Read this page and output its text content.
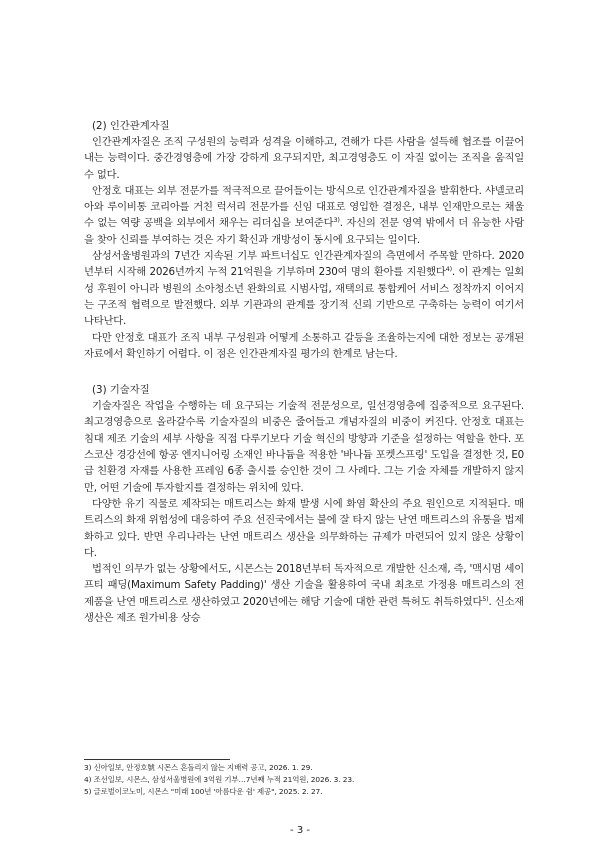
(2) 인간관계자질

인간관계자질은 조직 구성원의 능력과 성격을 이해하고, 견해가 다른 사람을 설득해 협조를 이끌어내는 능력이다. 중간경영층에 가장 강하게 요구되지만, 최고경영층도 이 자질 없이는 조직을 움직일 수 없다.

안정호 대표는 외부 전문가를 적극적으로 끌어들이는 방식으로 인간관계자질을 발휘한다. 샤넬코리아와 루이비통 코리아를 거친 럭셔리 전문가를 신임 대표로 영입한 결정은, 내부 인재만으로는 채울 수 없는 역량 공백을 외부에서 채우는 리더십을 보여준다$^{3)}$. 자신의 전문 영역 밖에서 더 유능한 사람을 찾아 신뢰를 부여하는 것은 자기 확신과 개방성이 동시에 요구되는 일이다.

삼성서울병원과의 7년간 지속된 기부 파트너십도 인간관계자질의 측면에서 주목할 만하다. 2020년부터 시작해 2026년까지 누적 21억원을 기부하며 230여 명의 환아를 지원했다$^{4)}$. 이 관계는 일회성 후원이 아니라 병원의 소아청소년 완화의료 시범사업, 재택의료 통합케어 서비스 정착까지 이어지는 구조적 협력으로 발전했다. 외부 기관과의 관계를 장기적 신뢰 기반으로 구축하는 능력이 여기서 나타난다.

다만 안정호 대표가 조직 내부 구성원과 어떻게 소통하고 갈등을 조율하는지에 대한 정보는 공개된 자료에서 확인하기 어렵다. 이 점은 인간관계자질 평가의 한계로 남는다.

(3) 기술자질

기술자질은 작업을 수행하는 데 요구되는 기술적 전문성으로, 일선경영층에 집중적으로 요구된다. 최고경영층으로 올라갈수록 기술자질의 비중은 줄어들고 개념자질의 비중이 커진다. 안정호 대표는 침대 제조 기술의 세부 사항을 직접 다루기보다 기술 혁신의 방향과 기준을 설정하는 역할을 한다. 포스코산 경강선에 항공 엔지니어링 소재인 바나듐을 적용한 '바나듐 포켓스프링' 도입을 결정한 것, E0급 친환경 자재를 사용한 프레임 6종 출시를 승인한 것이 그 사례다. 그는 기술 자체를 개발하지 않지만, 어떤 기술에 투자할지를 결정하는 위치에 있다.

다양한 유기 직물로 제작되는 매트리스는 화재 발생 시에 화염 확산의 주요 원인으로 지적된다. 매트리스의 화재 위험성에 대응하여 주요 선진국에서는 불에 잘 타지 않는 난연 매트리스의 유통을 법제화하고 있다. 반면 우리나라는 난연 매트리스 생산을 의무화하는 규제가 마련되어 있지 않은 상황이다.

법적인 의무가 없는 상황에서도, 시몬스는 2018년부터 독자적으로 개발한 신소재, 즉, '맥시멈 세이프티 패딩(Maximum Safety Padding)' 생산 기술을 활용하여 국내 최초로 가정용 매트리스의 전 제품을 난연 매트리스로 생산하였고 2020년에는 해당 기술에 대한 관련 특허도 취득하였다$^{5)}$. 신소재 생산은 제조 원가비용 상승

3) 신아일보, 안정호號 시몬스 혼돌리지 않는 지배력 공고, 2026. 1. 29.

4) 조선일보, 시몬스, 삼성서울병원에 3억원 기부…7년째 누적 21억원, 2026. 3. 23.

5) 글로벌이코노미, 시몬스 "미래 100년 '아름다운 쉼' 제공", 2025. 2. 27.

- 3 -
